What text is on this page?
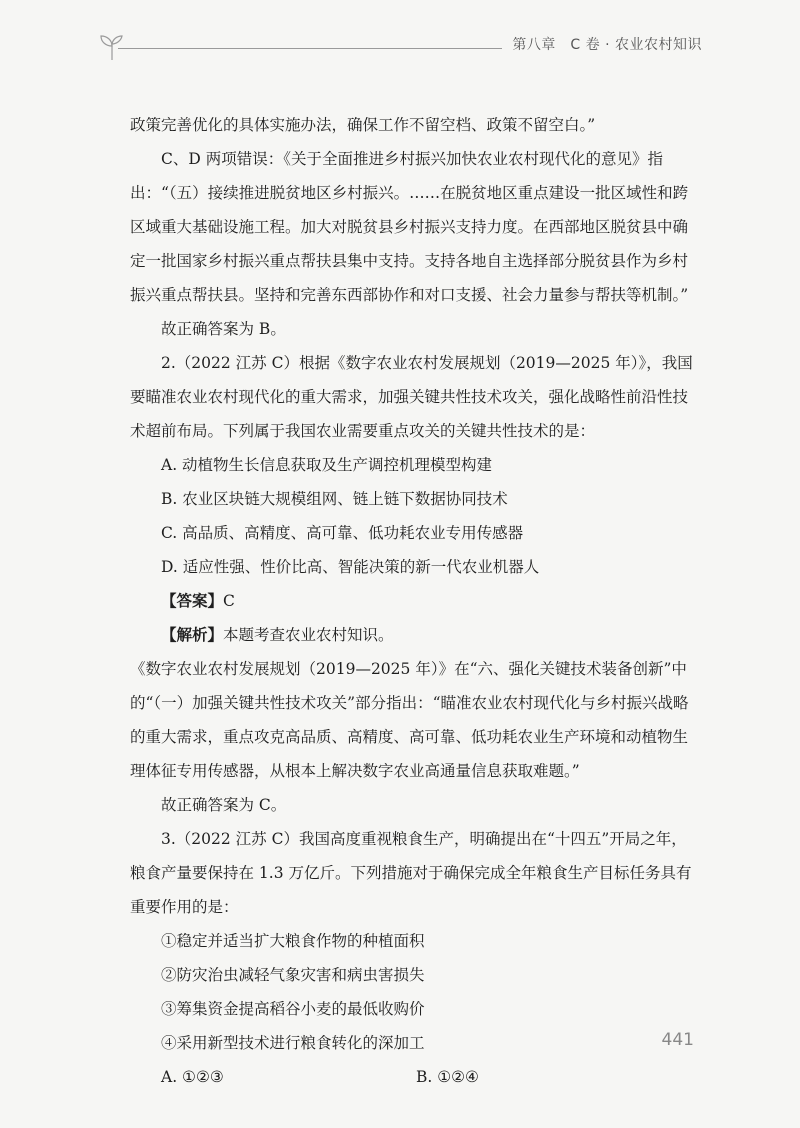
第八章　C 卷 · 农业农村知识

政策完善优化的具体实施办法，确保工作不留空档、政策不留空白。”

C、D 两项错误：《关于全面推进乡村振兴加快农业农村现代化的意见》指出：“（五）接续推进脱贫地区乡村振兴。……在脱贫地区重点建设一批区域性和跨区域重大基础设施工程。加大对脱贫县乡村振兴支持力度。在西部地区脱贫县中确定一批国家乡村振兴重点帮扶县集中支持。支持各地自主选择部分脱贫县作为乡村振兴重点帮扶县。坚持和完善东西部协作和对口支援、社会力量参与帮扶等机制。”

故正确答案为 B。

2.（2022 江苏 C）根据《数字农业农村发展规划（2019—2025 年）》，我国要瞄准农业农村现代化的重大需求，加强关键共性技术攻关，强化战略性前沿性技术超前布局。下列属于我国农业需要重点攻关的关键共性技术的是：

A. 动植物生长信息获取及生产调控机理模型构建

B. 农业区块链大规模组网、链上链下数据协同技术

C. 高品质、高精度、高可靠、低功耗农业专用传感器

D. 适应性强、性价比高、智能决策的新一代农业机器人

【答案】C

【解析】本题考查农业农村知识。

《数字农业农村发展规划（2019—2025 年）》在“六、强化关键技术装备创新”中的“（一）加强关键共性技术攻关”部分指出：“瞄准农业农村现代化与乡村振兴战略的重大需求，重点攻克高品质、高精度、高可靠、低功耗农业生产环境和动植物生理体征专用传感器，从根本上解决数字农业高通量信息获取难题。”

故正确答案为 C。

3.（2022 江苏 C）我国高度重视粮食生产，明确提出在“十四五”开局之年，粮食产量要保持在 1.3 万亿斤。下列措施对于确保完成全年粮食生产目标任务具有重要作用的是：

①稳定并适当扩大粮食作物的种植面积

②防灾治虫减轻气象灾害和病虫害损失

③筹集资金提高稻谷小麦的最低收购价

④采用新型技术进行粮食转化的深加工

A. ①②③	B. ①②④
441
